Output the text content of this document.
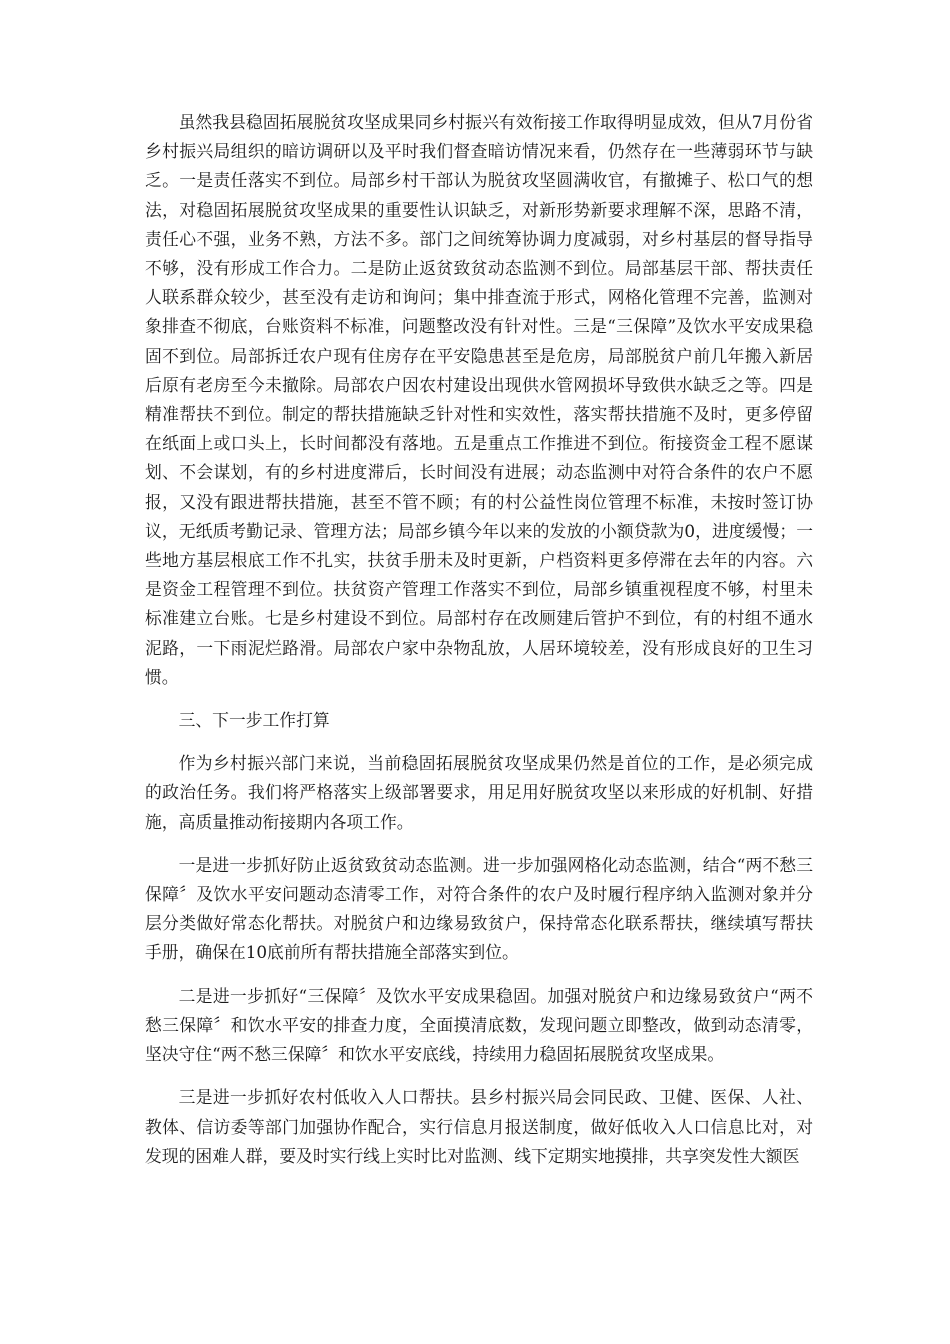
虽然我县稳固拓展脱贫攻坚成果同乡村振兴有效衔接工作取得明显成效，但从7月份省乡村振兴局组织的暗访调研以及平时我们督查暗访情况来看，仍然存在一些薄弱环节与缺乏。一是责任落实不到位。局部乡村干部认为脱贫攻坚圆满收官，有撤摊子、松口气的想法，对稳固拓展脱贫攻坚成果的重要性认识缺乏，对新形势新要求理解不深，思路不清，责任心不强，业务不熟，方法不多。部门之间统筹协调力度减弱，对乡村基层的督导指导不够，没有形成工作合力。二是防止返贫致贫动态监测不到位。局部基层干部、帮扶责任人联系群众较少，甚至没有走访和询问；集中排查流于形式，网格化管理不完善，监测对象排查不彻底，台账资料不标准，问题整改没有针对性。三是“三保障”及饮水平安成果稳固不到位。局部拆迁农户现有住房存在平安隐患甚至是危房，局部脱贫户前几年搬入新居后原有老房至今未撤除。局部农户因农村建设出现供水管网损坏导致供水缺乏之等。四是精准帮扶不到位。制定的帮扶措施缺乏针对性和实效性，落实帮扶措施不及时，更多停留在纸面上或口头上，长时间都没有落地。五是重点工作推进不到位。衔接资金工程不愿谋划、不会谋划，有的乡村进度滞后，长时间没有进展；动态监测中对符合条件的农户不愿报，又没有跟进帮扶措施，甚至不管不顾；有的村公益性岗位管理不标准，未按时签订协议，无纸质考勤记录、管理方法；局部乡镇今年以来的发放的小额贷款为0，进度缓慢；一些地方基层根底工作不扎实，扶贫手册未及时更新，户档资料更多停滞在去年的内容。六是资金工程管理不到位。扶贫资产管理工作落实不到位，局部乡镇重视程度不够，村里未标准建立台账。七是乡村建设不到位。局部村存在改厕建后管护不到位，有的村组不通水泥路，一下雨泥烂路滑。局部农户家中杂物乱放，人居环境较差，没有形成良好的卫生习惯。

三、下一步工作打算

作为乡村振兴部门来说，当前稳固拓展脱贫攻坚成果仍然是首位的工作，是必须完成的政治任务。我们将严格落实上级部署要求，用足用好脱贫攻坚以来形成的好机制、好措施，高质量推动衔接期内各项工作。

一是进一步抓好防止返贫致贫动态监测。进一步加强网格化动态监测，结合“两不愁三保障〞及饮水平安问题动态清零工作，对符合条件的农户及时履行程序纳入监测对象并分层分类做好常态化帮扶。对脱贫户和边缘易致贫户，保持常态化联系帮扶，继续填写帮扶手册，确保在10底前所有帮扶措施全部落实到位。

二是进一步抓好“三保障〞及饮水平安成果稳固。加强对脱贫户和边缘易致贫户“两不愁三保障〞和饮水平安的排查力度，全面摸清底数，发现问题立即整改，做到动态清零，坚决守住“两不愁三保障〞和饮水平安底线，持续用力稳固拓展脱贫攻坚成果。

三是进一步抓好农村低收入人口帮扶。县乡村振兴局会同民政、卫健、医保、人社、教体、信访委等部门加强协作配合，实行信息月报送制度，做好低收入人口信息比对，对发现的困难人群，要及时实行线上实时比对监测、线下定期实地摸排，共享突发性大额医
